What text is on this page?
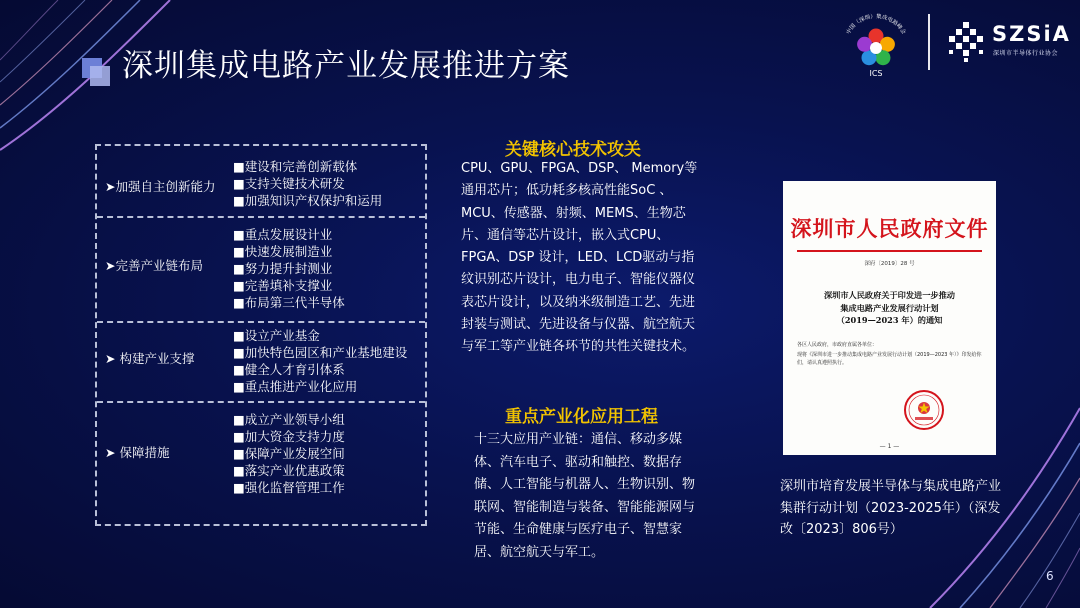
深圳集成电路产业发展推进方案
中国（深圳）集成电路峰会
ICS
SZSiA
深圳市半导体行业协会
➤加强自主创新能力
■建设和完善创新载体
■支持关键技术研发
■加强知识产权保护和运用
➤完善产业链布局
■重点发展设计业
■快速发展制造业
■努力提升封测业
■完善填补支撑业
■布局第三代半导体
➤ 构建产业支撑
■设立产业基金
■加快特色园区和产业基地建设
■健全人才育引体系
■重点推进产业化应用
➤ 保障措施
■成立产业领导小组
■加大资金支持力度
■保障产业发展空间
■落实产业优惠政策
■强化监督管理工作
关键核心技术攻关
CPU、GPU、FPGA、DSP、 Memory等通用芯片；低功耗多核高性能SoC 、MCU、传感器、射频、MEMS、生物芯片、通信等芯片设计，嵌入式CPU、FPGA、DSP 设计，LED、LCD驱动与指纹识别芯片设计，电力电子、智能仪器仪表芯片设计，以及纳米级制造工艺、先进封装与测试、先进设备与仪器、航空航天与军工等产业链各环节的共性关键技术。
重点产业化应用工程
十三大应用产业链：通信、移动多媒体、汽车电子、驱动和触控、数据存储、人工智能与机器人、生物识别、物联网、智能制造与装备、智能能源网与节能、生命健康与医疗电子、智慧家居、航空航天与军工。
深圳市人民政府文件
深府〔2019〕28 号
深圳市人民政府关于印发进一步推动
集成电路产业发展行动计划
（2019—2023 年）的通知
各区人民政府，市政府直属各单位：
现将《深圳市进一步推动集成电路产业发展行动计划（2019—2023 年）》印发给你们，请认真遵照执行。
— 1 —
深圳市培育发展半导体与集成电路产业集群行动计划（2023-2025年）（深发改〔2023〕806号）
6
